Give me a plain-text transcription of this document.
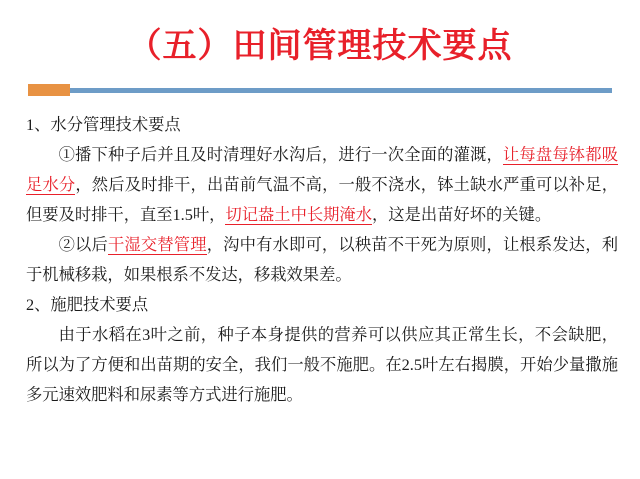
（五）田间管理技术要点
1、水分管理技术要点
①播下种子后并且及时清理好水沟后，进行一次全面的灌溉，让每盘每钵都吸足水分，然后及时排干，出苗前气温不高，一般不浇水，钵土缺水严重可以补足，但要及时排干，直至1.5叶，切记盎土中长期淹水，这是出苗好坏的关键。
②以后干湿交替管理，沟中有水即可，以秧苗不干死为原则，让根系发达，利于机械移栽，如果根系不发达，移栽效果差。
2、施肥技术要点
由于水稻在3叶之前，种子本身提供的营养可以供应其正常生长，不会缺肥，所以为了方便和出苗期的安全，我们一般不施肥。在2.5叶左右揭膜，开始少量撒施多元速效肥料和尿素等方式进行施肥。
